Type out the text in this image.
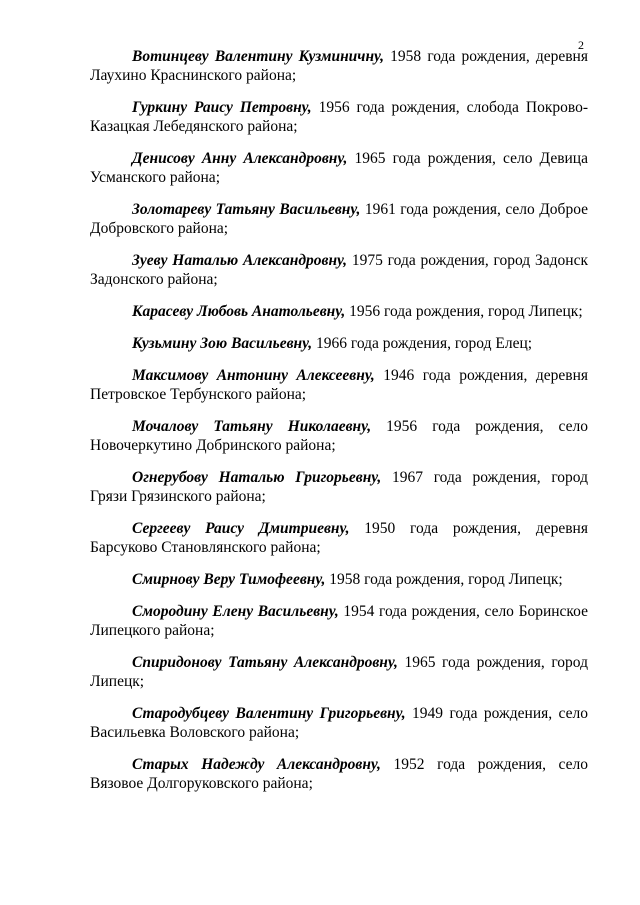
2

Вотинцеву Валентину Кузминичну, 1958 года рождения, деревня Лаухино Краснинского района;

Гуркину Раису Петровну, 1956 года рождения, слобода Покрово-Казацкая Лебедянского района;

Денисову Анну Александровну, 1965 года рождения, село Девица Усманского района;

Золотареву Татьяну Васильевну, 1961 года рождения, село Доброе Добровского района;

Зуеву Наталью Александровну, 1975 года рождения, город Задонск Задонского района;

Карасеву Любовь Анатольевну, 1956 года рождения, город Липецк;

Кузьмину Зою Васильевну, 1966 года рождения, город Елец;

Максимову Антонину Алексеевну, 1946 года рождения, деревня Петровское Тербунского района;

Мочалову Татьяну Николаевну, 1956 года рождения, село Новочеркутино Добринского района;

Огнерубову Наталью Григорьевну, 1967 года рождения, город Грязи Грязинского района;

Сергееву Раису Дмитриевну, 1950 года рождения, деревня Барсуково Становлянского района;

Смирнову Веру Тимофеевну, 1958 года рождения, город Липецк;

Смородину Елену Васильевну, 1954 года рождения, село Боринское Липецкого района;

Спиридонову Татьяну Александровну, 1965 года рождения, город Липецк;

Стародубцеву Валентину Григорьевну, 1949 года рождения, село Васильевка Воловского района;

Старых Надежду Александровну, 1952 года рождения, село Вязовое Долгоруковского района;
